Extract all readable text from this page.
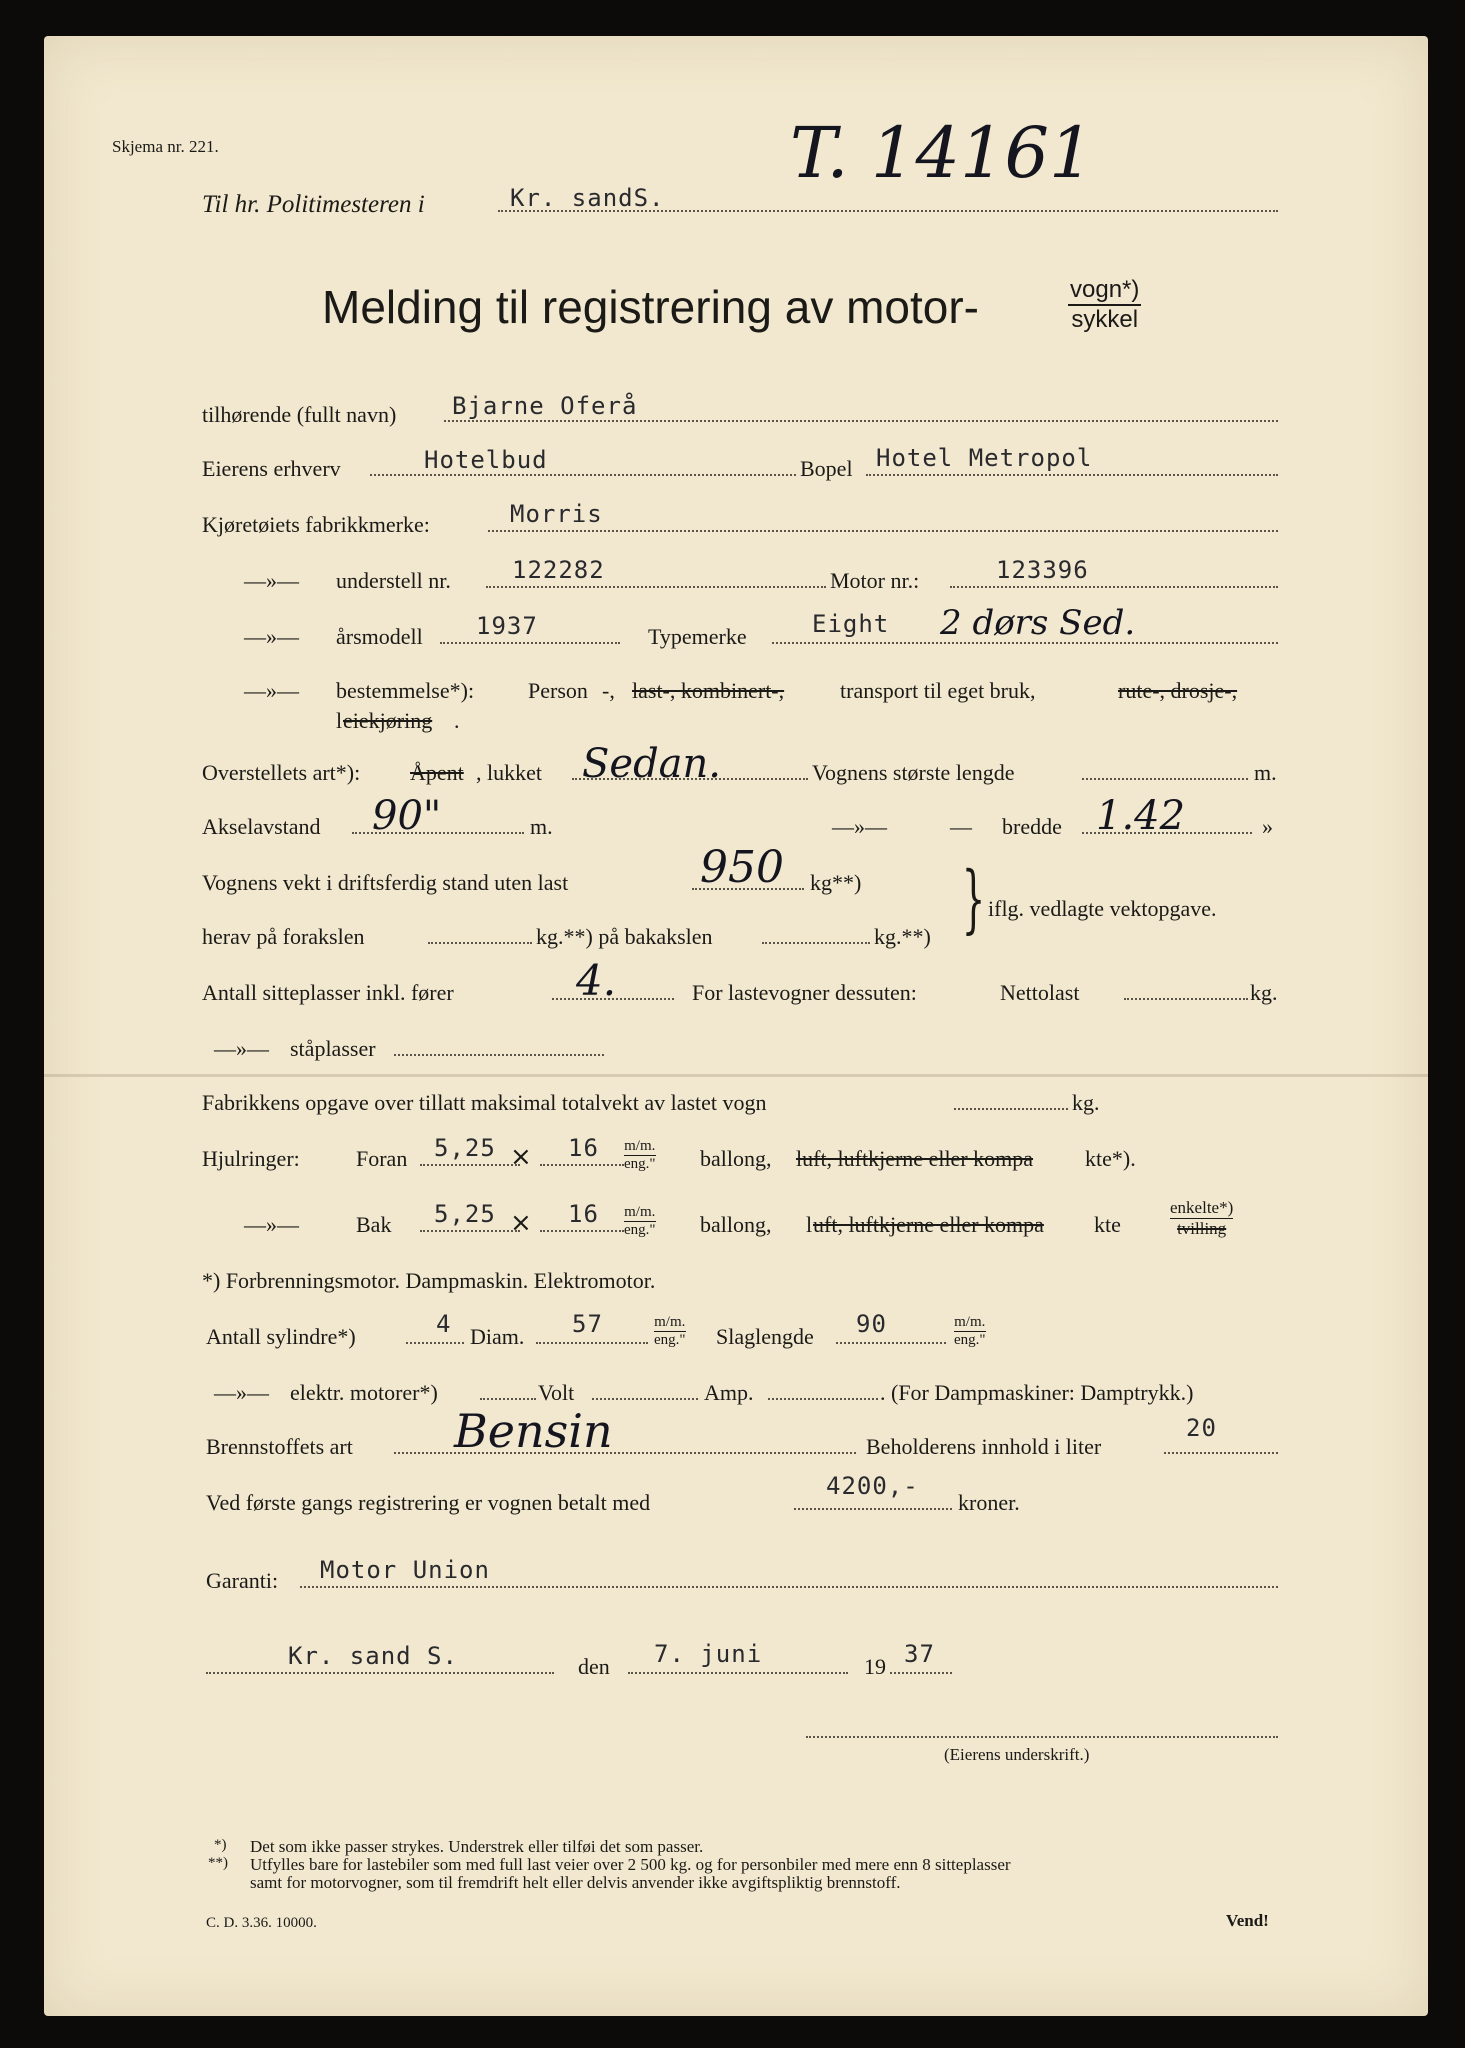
Skjema nr. 221.	T. 14161
Til hr. Politimesteren i	Kr. sandS.
Melding til registrering av motor-	vogn*)
sykkel
tilhørende (fullt navn) Bjarne Oferå
Eierens erhverv	Hotelbud	Bopel Hotel Metropol
Kjøretøiets fabrikkmerke:	Morris
—»— understell nr.	122282	Motor nr.:	123396
—»— årsmodell 1937	Typemerke	Eight 2 dørs Sed.
—»— bestemmelse*): Person -, last-, kombinert-,	transport til eget bruk,	rute-, drosje-,
l eiekjøring .
Overstellets art*): Åpent , lukket Sedan.	Vognens største lengde	m.
Akselavstand 90"	m.	—»—	— bredde 1.42	»
Vognens vekt i driftsferdig stand uten last	950 kg**)
herav på forakslen	kg.**) på bakakslen	kg.**) } iflg. vedlagte vektopgave.
Antall sitteplasser inkl. fører	4.	For lastevogner dessuten:	Nettolast	kg.
—»— ståplasser
Fabrikkens opgave over tillatt maksimal totalvekt av lastet vogn	kg.
Hjulringer:	Foran 5,25 × 16 m/m.
eng." ballong, luft, luftkjerne eller kompa kte*).
—»—	Bak 5,25 × 16 m/m.
eng." ballong, l uft, luftkjerne eller kompa kte
enkelte*)
tvilling
*) Forbrenningsmotor. Dampmaskin. Elektromotor.
Antall sylindre*)	4 Diam. 57	m/m.
eng." Slaglengde 90	m/m.
eng."
—»— elektr. motorer*)	Volt	Amp.	. (For Dampmaskiner: Damptrykk.)
Brennstoffets art Bensin	Beholderens innhold i liter
20
Ved første gangs registrering er vognen betalt med
4200,-
kroner.
Garanti: Motor Union
Kr. sand S.	den 7. juni	19 37
(Eierens underskrift.)
*) Det som ikke passer strykes. Understrek eller tilføi det som passer.
**) Utfylles bare for lastebiler som med full last veier over 2 500 kg. og for personbiler med mere enn 8 sitteplasser
samt for motorvogner, som til fremdrift helt eller delvis anvender ikke avgiftspliktig brennstoff.
C. D. 3.36. 10000.	Vend!
